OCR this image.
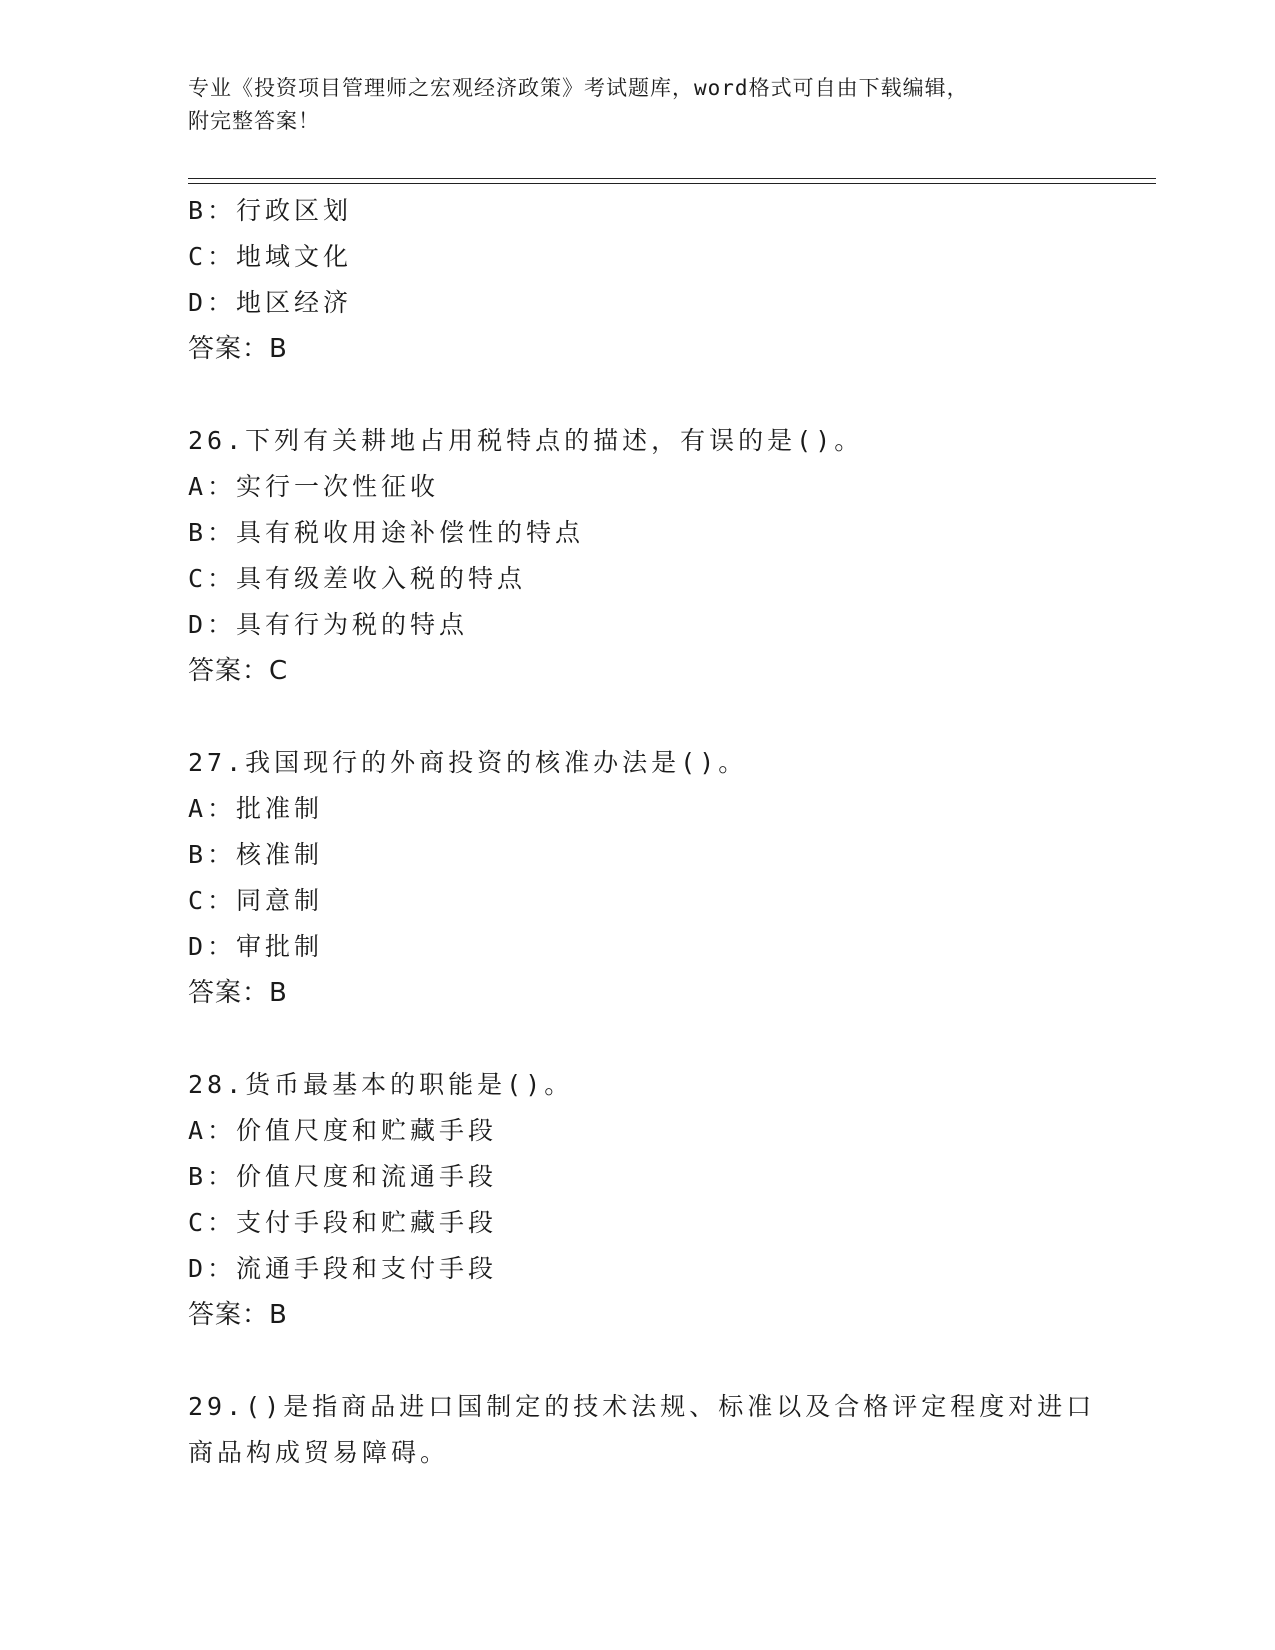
专业《投资项目管理师之宏观经济政策》考试题库，word格式可自由下载编辑，
附完整答案！
B：行政区划
C：地域文化
D：地区经济
答案：B
26.下列有关耕地占用税特点的描述，有误的是()。
A：实行一次性征收
B：具有税收用途补偿性的特点
C：具有级差收入税的特点
D：具有行为税的特点
答案：C
27.我国现行的外商投资的核准办法是()。
A：批准制
B：核准制
C：同意制
D：审批制
答案：B
28.货币最基本的职能是()。
A：价值尺度和贮藏手段
B：价值尺度和流通手段
C：支付手段和贮藏手段
D：流通手段和支付手段
答案：B
29.()是指商品进口国制定的技术法规、标准以及合格评定程度对进口
商品构成贸易障碍。
